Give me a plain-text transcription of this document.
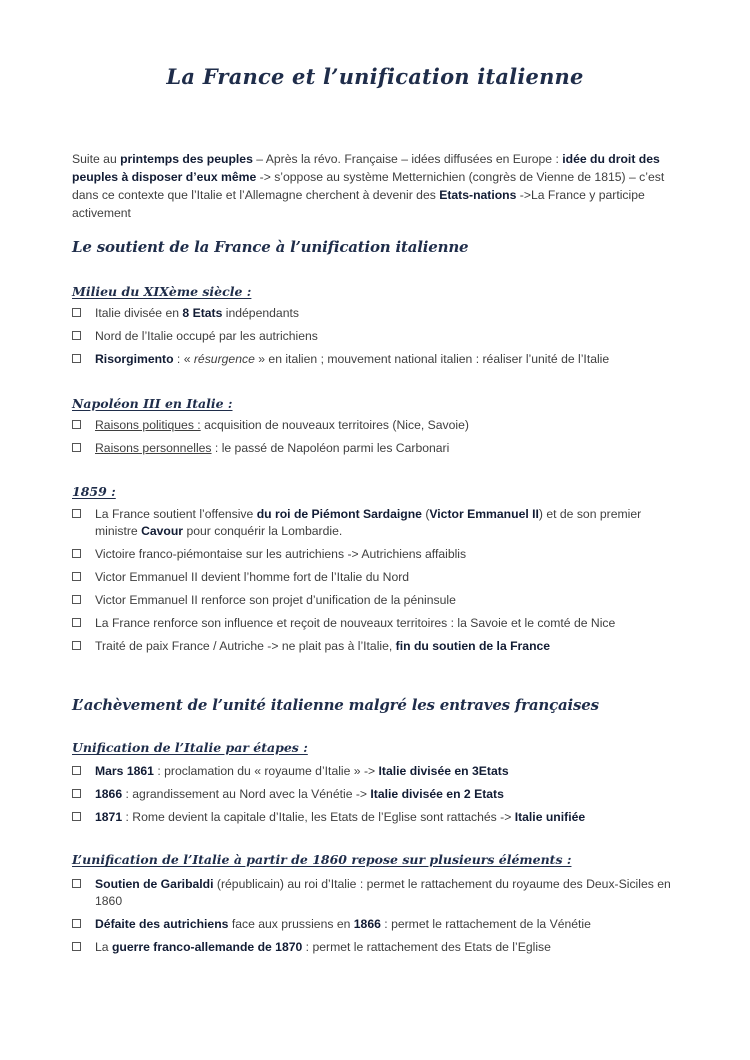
La France et l’unification italienne

Suite au printemps des peuples – Après la révo. Française – idées diffusées en Europe : idée du droit des peuples à disposer d’eux même -> s’oppose au système Metternichien (congrès de Vienne de 1815) – c’est dans ce contexte que l’Italie et l’Allemagne cherchent à devenir des Etats-nations ->La France y participe activement

Le soutient de la France à l’unification italienne
Milieu du XIXème siècle :
Italie divisée en 8 Etats indépendants
Nord de l’Italie occupé par les autrichiens
Risorgimento : « résurgence » en italien ; mouvement national italien : réaliser l’unité de l’Italie
Napoléon III en Italie :
Raisons politiques : acquisition de nouveaux territoires (Nice, Savoie)
Raisons personnelles : le passé de Napoléon parmi les Carbonari
1859 :
La France soutient l’offensive du roi de Piémont Sardaigne (Victor Emmanuel II) et de son premier ministre Cavour pour conquérir la Lombardie.
Victoire franco-piémontaise sur les autrichiens -> Autrichiens affaiblis
Victor Emmanuel II devient l’homme fort de l’Italie du Nord
Victor Emmanuel II renforce son projet d’unification de la péninsule
La France renforce son influence et reçoit de nouveaux territoires : la Savoie et le comté de Nice
Traité de paix France / Autriche -> ne plait pas à l’Italie, fin du soutien de la France
L’achèvement de l’unité italienne malgré les entraves françaises
Unification de l’Italie par étapes :
Mars 1861 : proclamation du « royaume d’Italie » -> Italie divisée en 3Etats
1866 : agrandissement au Nord avec la Vénétie -> Italie divisée en 2 Etats
1871 : Rome devient la capitale d’Italie, les Etats de l’Eglise sont rattachés -> Italie unifiée
L’unification de l’Italie à partir de 1860 repose sur plusieurs éléments :
Soutien de Garibaldi (républicain) au roi d’Italie : permet le rattachement du royaume des Deux-Siciles en 1860
Défaite des autrichiens face aux prussiens en 1866 : permet le rattachement de la Vénétie
La guerre franco-allemande de 1870 : permet le rattachement des Etats de l’Eglise
